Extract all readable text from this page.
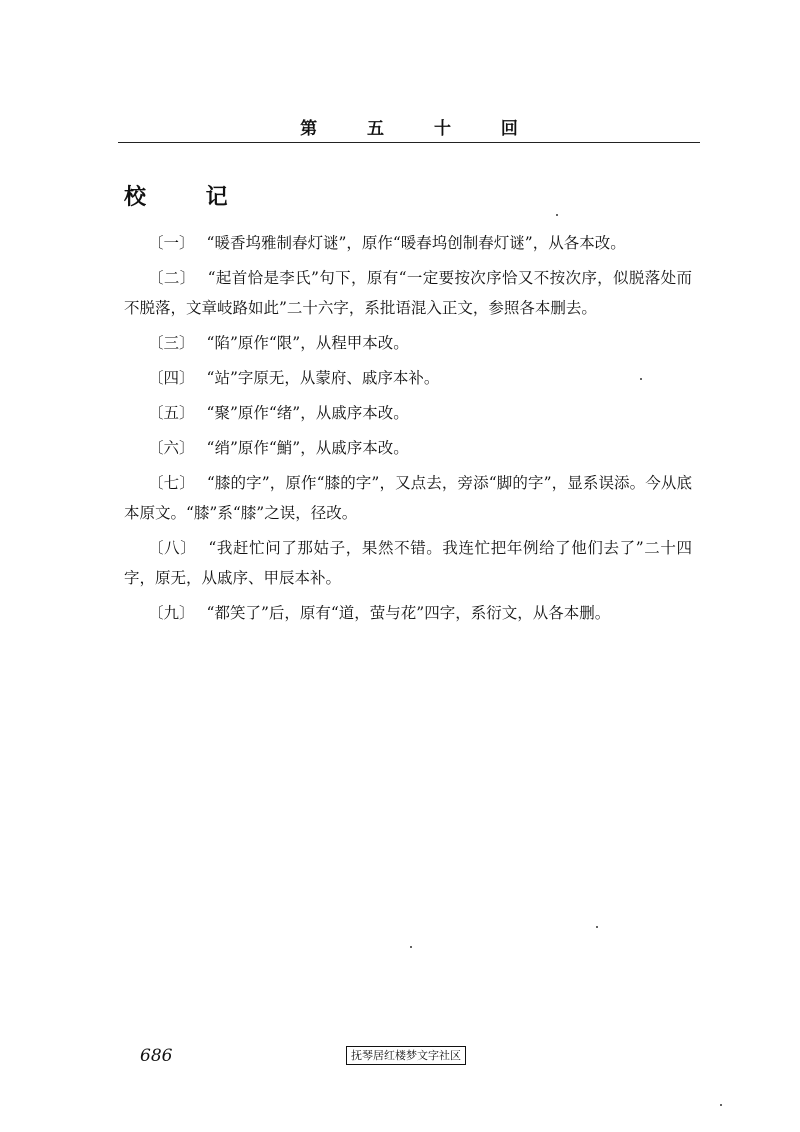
第 五 十 回
校 记

〔一〕 “暖香坞雅制春灯谜”，原作“暖春坞创制春灯谜”，从各本改。

〔二〕 “起首恰是李氏”句下，原有“一定要按次序恰又不按次序，似脱落处而不脱落，文章岐路如此”二十六字，系批语混入正文，参照各本删去。

〔三〕 “陷”原作“限”，从程甲本改。

〔四〕 “站”字原无，从蒙府、戚序本补。

〔五〕 “聚”原作“绪”，从戚序本改。

〔六〕 “绡”原作“鮹”，从戚序本改。

〔七〕 “膝的字”，原作“膝的字”，又点去，旁添“脚的字”，显系误添。今从底本原文。“膝”系“膝”之误，径改。

〔八〕 “我赶忙问了那姑子，果然不错。我连忙把年例给了他们去了”二十四字，原无，从戚序、甲辰本补。

〔九〕 “都笑了”后，原有“道，萤与花”四字，系衍文，从各本删。

686	抚琴居红楼梦文字社区
